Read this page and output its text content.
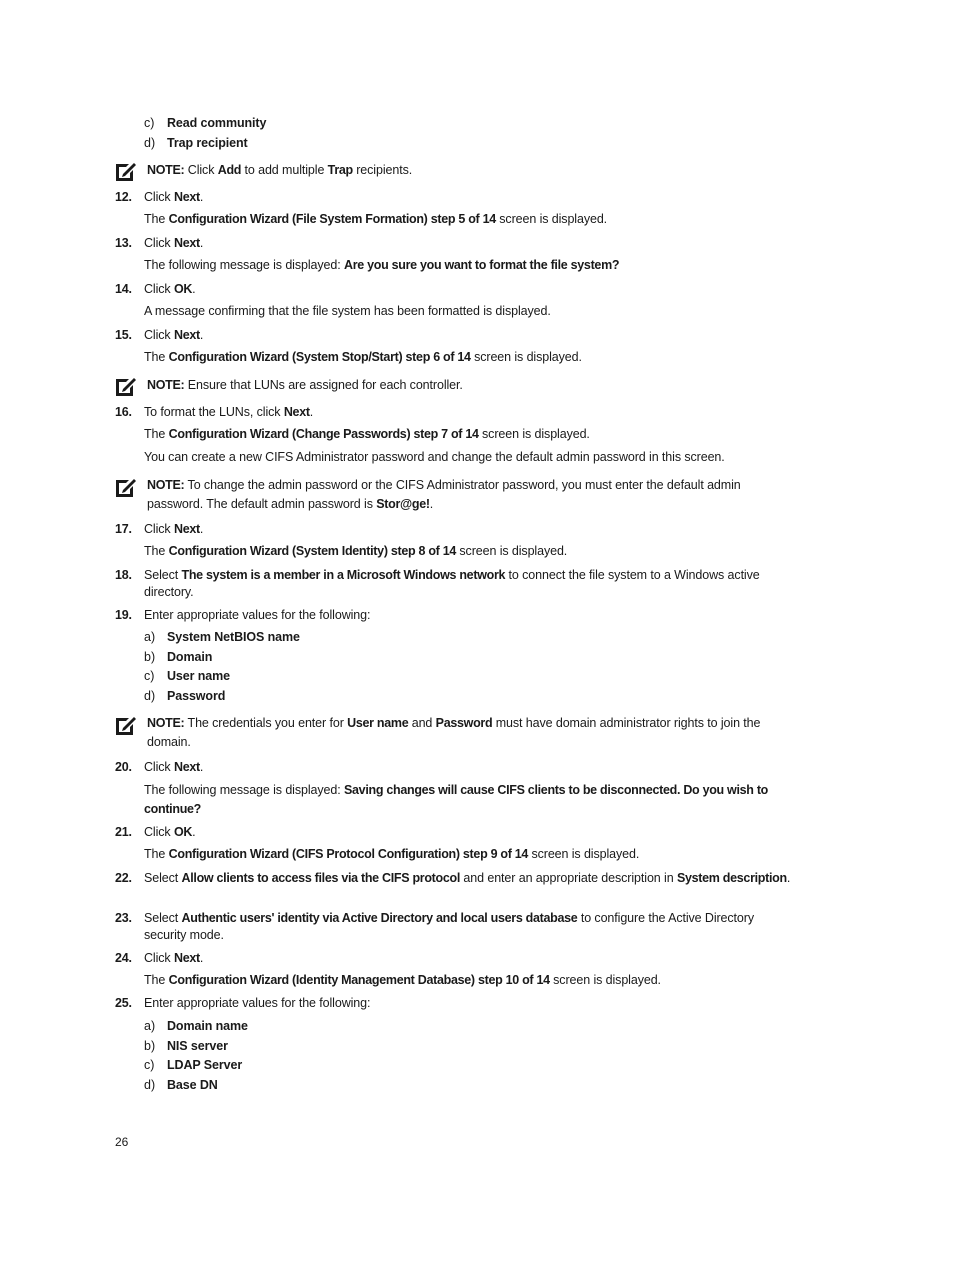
c) Read community
d) Trap recipient
NOTE: Click Add to add multiple Trap recipients.
12. Click Next.
The Configuration Wizard (File System Formation) step 5 of 14 screen is displayed.
13. Click Next.
The following message is displayed: Are you sure you want to format the file system?
14. Click OK.
A message confirming that the file system has been formatted is displayed.
15. Click Next.
The Configuration Wizard (System Stop/Start) step 6 of 14 screen is displayed.
NOTE: Ensure that LUNs are assigned for each controller.
16. To format the LUNs, click Next.
The Configuration Wizard (Change Passwords) step 7 of 14 screen is displayed.
You can create a new CIFS Administrator password and change the default admin password in this screen.
NOTE: To change the admin password or the CIFS Administrator password, you must enter the default admin password. The default admin password is Stor@ge!.
17. Click Next.
The Configuration Wizard (System Identity) step 8 of 14 screen is displayed.
18. Select The system is a member in a Microsoft Windows network to connect the file system to a Windows active directory.
19. Enter appropriate values for the following:
a) System NetBIOS name
b) Domain
c) User name
d) Password
NOTE: The credentials you enter for User name and Password must have domain administrator rights to join the domain.
20. Click Next.
The following message is displayed: Saving changes will cause CIFS clients to be disconnected. Do you wish to continue?
21. Click OK.
The Configuration Wizard (CIFS Protocol Configuration) step 9 of 14 screen is displayed.
22. Select Allow clients to access files via the CIFS protocol and enter an appropriate description in System description.
23. Select Authentic users' identity via Active Directory and local users database to configure the Active Directory security mode.
24. Click Next.
The Configuration Wizard (Identity Management Database) step 10 of 14 screen is displayed.
25. Enter appropriate values for the following:
a) Domain name
b) NIS server
c) LDAP Server
d) Base DN
26
